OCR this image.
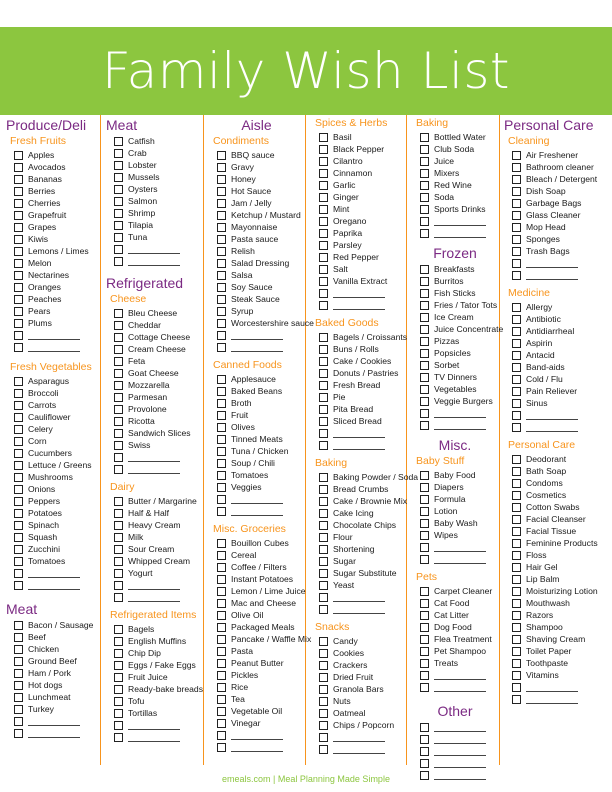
Family Wish List
Produce/Deli
Fresh Fruits
Apples
Avocados
Bananas
Berries
Cherries
Grapefruit
Grapes
Kiwis
Lemons / Limes
Melon
Nectarines
Oranges
Peaches
Pears
Plums
Fresh Vegetables
Asparagus
Broccoli
Carrots
Cauliflower
Celery
Corn
Cucumbers
Lettuce / Greens
Mushrooms
Onions
Peppers
Potatoes
Spinach
Squash
Zucchini
Tomatoes
Meat
Bacon / Sausage
Beef
Chicken
Ground Beef
Ham / Pork
Hot dogs
Lunchmeat
Turkey
Meat
Catfish
Crab
Lobster
Mussels
Oysters
Salmon
Shrimp
Tilapia
Tuna
Refrigerated
Cheese
Bleu Cheese
Cheddar
Cottage Cheese
Cream Cheese
Feta
Goat Cheese
Mozzarella
Parmesan
Provolone
Ricotta
Sandwich Slices
Swiss
Dairy
Butter / Margarine
Half & Half
Heavy Cream
Milk
Sour Cream
Whipped Cream
Yogurt
Refrigerated Items
Bagels
English Muffins
Chip Dip
Eggs / Fake Eggs
Fruit Juice
Ready-bake breads
Tofu
Tortillas
Aisle
Condiments
BBQ sauce
Gravy
Honey
Hot Sauce
Jam / Jelly
Ketchup / Mustard
Mayonnaise
Pasta sauce
Relish
Salad Dressing
Salsa
Soy Sauce
Steak Sauce
Syrup
Worcestershire sauce
Canned Foods
Applesauce
Baked Beans
Broth
Fruit
Olives
Tinned Meats
Tuna / Chicken
Soup / Chili
Tomatoes
Veggies
Misc. Groceries
Bouillon Cubes
Cereal
Coffee / Filters
Instant Potatoes
Lemon / Lime Juice
Mac and Cheese
Olive Oil
Packaged Meals
Pancake / Waffle Mix
Pasta
Peanut Butter
Pickles
Rice
Tea
Vegetable Oil
Vinegar
Spices & Herbs
Basil
Black Pepper
Cilantro
Cinnamon
Garlic
Ginger
Mint
Oregano
Paprika
Parsley
Red Pepper
Salt
Vanilla Extract
Baked Goods
Bagels / Croissants
Buns / Rolls
Cake / Cookies
Donuts / Pastries
Fresh Bread
Pie
Pita Bread
Sliced Bread
Baking
Baking Powder / Soda
Bread Crumbs
Cake / Brownie Mix
Cake Icing
Chocolate Chips
Flour
Shortening
Sugar
Sugar Substitute
Yeast
Snacks
Candy
Cookies
Crackers
Dried Fruit
Granola Bars
Nuts
Oatmeal
Chips / Popcorn
Baking
Bottled Water
Club Soda
Juice
Mixers
Red Wine
Soda
Sports Drinks
Frozen
Breakfasts
Burritos
Fish Sticks
Fries / Tator Tots
Ice Cream
Juice Concentrate
Pizzas
Popsicles
Sorbet
TV Dinners
Vegetables
Veggie Burgers
Misc.
Baby Stuff
Baby Food
Diapers
Formula
Lotion
Baby Wash
Wipes
Pets
Carpet Cleaner
Cat Food
Cat Litter
Dog Food
Flea Treatment
Pet Shampoo
Treats
Other
Personal Care
Cleaning
Air Freshener
Bathroom cleaner
Bleach / Detergent
Dish Soap
Garbage Bags
Glass Cleaner
Mop Head
Sponges
Trash Bags
Medicine
Allergy
Antibiotic
Antidiarrheal
Aspirin
Antacid
Band-aids
Cold / Flu
Pain Reliever
Sinus
Personal Care
Deodorant
Bath Soap
Condoms
Cosmetics
Cotton Swabs
Facial Cleanser
Facial Tissue
Feminine Products
Floss
Hair Gel
Lip Balm
Moisturizing Lotion
Mouthwash
Razors
Shampoo
Shaving Cream
Toilet Paper
Toothpaste
Vitamins
emeals.com | Meal Planning Made Simple
